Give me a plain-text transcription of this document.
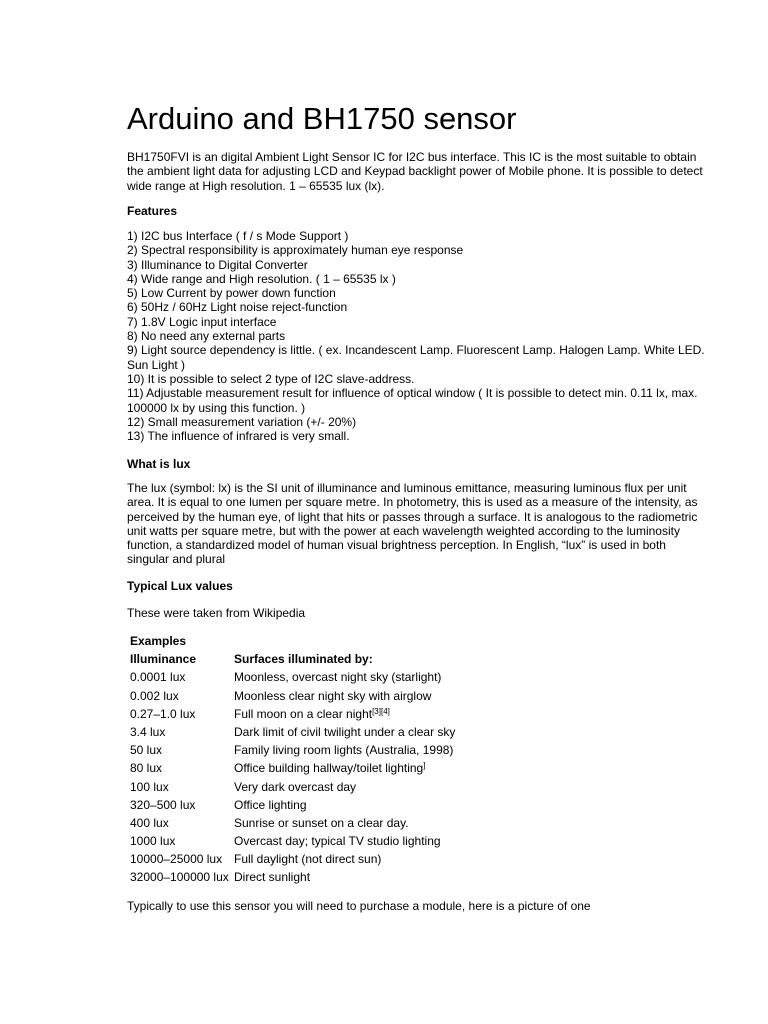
Arduino and BH1750 sensor

BH1750FVI is an digital Ambient Light Sensor IC for I2C bus interface. This IC is the most suitable to obtain the ambient light data for adjusting LCD and Keypad backlight power of Mobile phone. It is possible to detect wide range at High resolution. 1 – 65535 lux (lx).

Features

1) I2C bus Interface ( f / s Mode Support )
2) Spectral responsibility is approximately human eye response
3) Illuminance to Digital Converter
4) Wide range and High resolution. ( 1 – 65535 lx )
5) Low Current by power down function
6) 50Hz / 60Hz Light noise reject-function
7) 1.8V Logic input interface
8) No need any external parts
9) Light source dependency is little. ( ex. Incandescent Lamp. Fluorescent Lamp. Halogen Lamp. White LED. Sun Light )
10) It is possible to select 2 type of I2C slave-address.
11) Adjustable measurement result for influence of optical window ( It is possible to detect min. 0.11 lx, max. 100000 lx by using this function. )
12) Small measurement variation (+/- 20%)
13) The influence of infrared is very small.

What is lux

The lux (symbol: lx) is the SI unit of illuminance and luminous emittance, measuring luminous flux per unit area. It is equal to one lumen per square metre. In photometry, this is used as a measure of the intensity, as perceived by the human eye, of light that hits or passes through a surface. It is analogous to the radiometric unit watts per square metre, but with the power at each wavelength weighted according to the luminosity function, a standardized model of human visual brightness perception. In English, “lux” is used in both singular and plural

Typical Lux values

These were taken from Wikipedia

Examples
Illuminance	Surfaces illuminated by:
0.0001 lux	Moonless, overcast night sky (starlight)
0.002 lux	Moonless clear night sky with airglow
0.27–1.0 lux	Full moon on a clear night[3][4]
3.4 lux	Dark limit of civil twilight under a clear sky
50 lux	Family living room lights (Australia, 1998)
80 lux	Office building hallway/toilet lighting]
100 lux	Very dark overcast day
320–500 lux	Office lighting
400 lux	Sunrise or sunset on a clear day.
1000 lux	Overcast day; typical TV studio lighting
10000–25000 lux Full daylight (not direct sun)
32000–100000 lux Direct sunlight

Typically to use this sensor you will need to purchase a module, here is a picture of one
